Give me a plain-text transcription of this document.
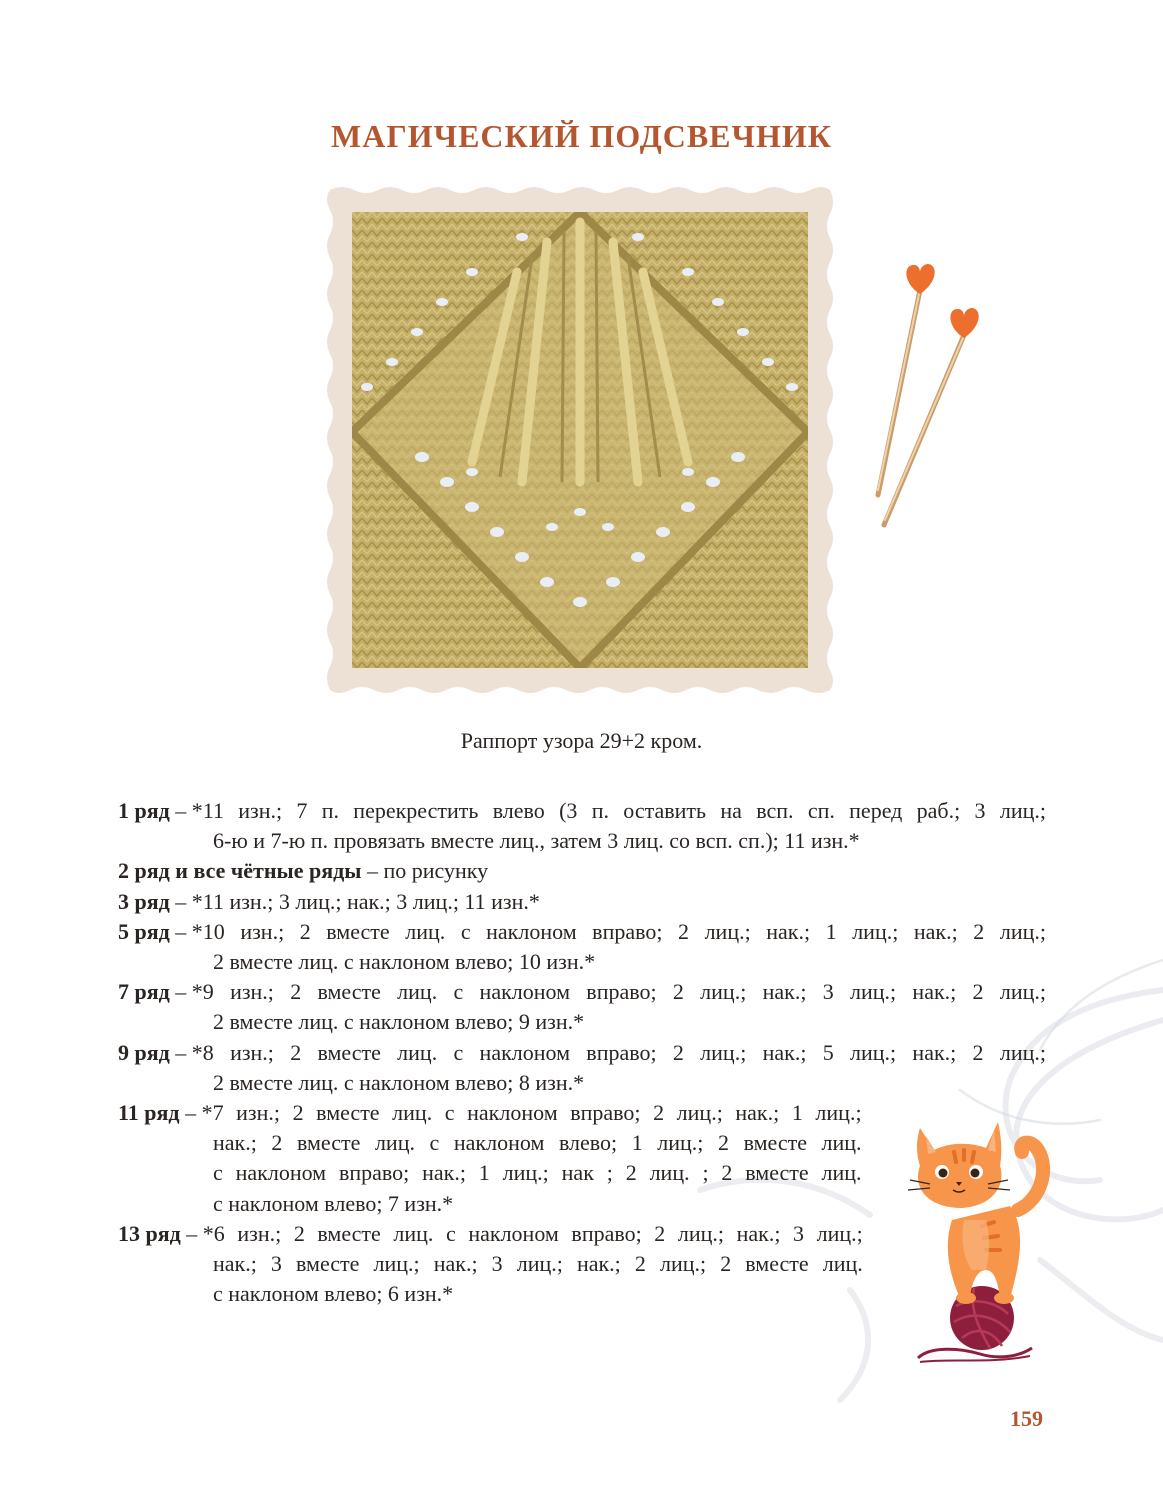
МАГИЧЕСКИЙ ПОДСВЕЧНИК
Раппорт узора 29+2 кром.
1 ряд – *11 изн.; 7 п. перекрестить влево (3 п. оставить на всп. сп. перед раб.; 3 лиц.;
6-ю и 7-ю п. провязать вместе лиц., затем 3 лиц. со всп. сп.); 11 изн.*
2 ряд и все чётные ряды – по рисунку
3 ряд – *11 изн.; 3 лиц.; нак.; 3 лиц.; 11 изн.*
5 ряд – *10 изн.; 2 вместе лиц. с наклоном вправо; 2 лиц.; нак.; 1 лиц.; нак.; 2 лиц.;
2 вместе лиц. с наклоном влево; 10 изн.*
7 ряд – *9 изн.; 2 вместе лиц. с наклоном вправо; 2 лиц.; нак.; 3 лиц.; нак.; 2 лиц.;
2 вместе лиц. с наклоном влево; 9 изн.*
9 ряд – *8 изн.; 2 вместе лиц. с наклоном вправо; 2 лиц.; нак.; 5 лиц.; нак.; 2 лиц.;
2 вместе лиц. с наклоном влево; 8 изн.*
11 ряд – *7 изн.; 2 вместе лиц. с наклоном вправо; 2 лиц.; нак.; 1 лиц.;
нак.; 2 вместе лиц. с наклоном влево; 1 лиц.; 2 вместе лиц.
с наклоном вправо; нак.; 1 лиц.; нак ; 2 лиц. ; 2 вместе лиц.
с наклоном влево; 7 изн.*
13 ряд – *6 изн.; 2 вместе лиц. с наклоном вправо; 2 лиц.; нак.; 3 лиц.;
нак.; 3 вместе лиц.; нак.; 3 лиц.; нак.; 2 лиц.; 2 вместе лиц.
с наклоном влево; 6 изн.*
159
